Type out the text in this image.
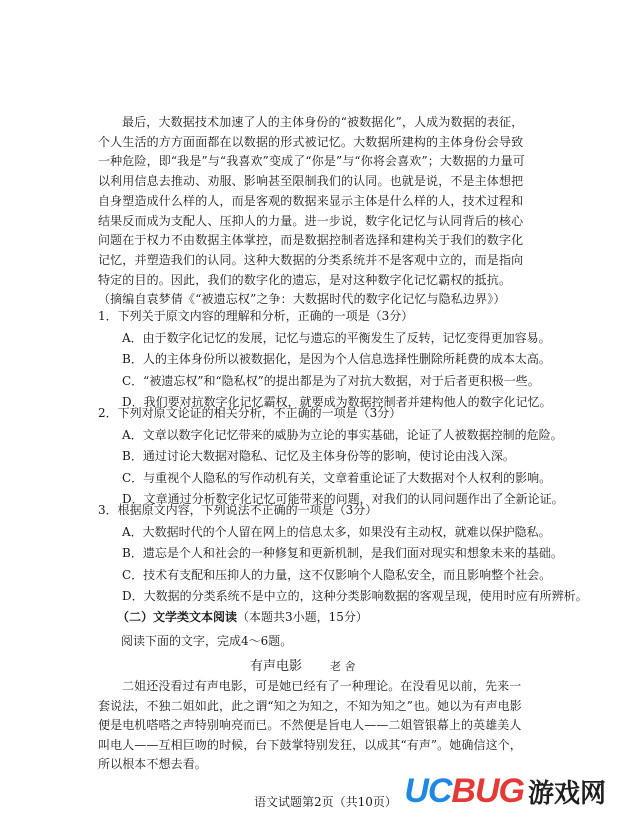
最后，大数据技术加速了人的主体身份的“被数据化”，人成为数据的表征，个人生活的方方面面都在以数据的形式被记忆。大数据所建构的主体身份会导致一种危险，即“我是”与“我喜欢”变成了“你是”与“你将会喜欢”；大数据的力量可以利用信息去推动、劝服、影响甚至限制我们的认同。也就是说，不是主体想把自身塑造成什么样的人，而是客观的数据来显示主体是什么样的人，技术过程和结果反而成为支配人、压抑人的力量。进一步说，数字化记忆与认同背后的核心问题在于权力不由数据主体掌控，而是数据控制者选择和建构关于我们的数字化记忆，并塑造我们的认同。这种大数据的分类系统并不是客观中立的，而是指向特定的目的。因此，我们的数字化的遗忘，是对这种数字化记忆霸权的抵抗。（摘编自袁梦倩《“被遗忘权”之争：大数据时代的数字化记忆与隐私边界》）

1．下列关于原文内容的理解和分析，正确的一项是（3分）

A．由于数字化记忆的发展，记忆与遗忘的平衡发生了反转，记忆变得更加容易。

B．人的主体身份所以被数据化，是因为个人信息选择性删除所耗费的成本太高。

C．“被遗忘权”和“隐私权”的提出都是为了对抗大数据，对于后者更积极一些。

D．我们要对抗数字化记忆霸权，就要成为数据控制者并建构他人的数字化记忆。

2．下列对原文论证的相关分析，不正确的一项是（3分）

A．文章以数字化记忆带来的威胁为立论的事实基础，论证了人被数据控制的危险。

B．通过讨论大数据对隐私、记忆及主体身份等的影响，使讨论由浅入深。

C．与重视个人隐私的写作动机有关，文章着重论证了大数据对个人权利的影响。

D．文章通过分析数字化记忆可能带来的问题，对我们的认同问题作出了全新论证。

3．根据原文内容，下列说法不正确的一项是（3分）

A．大数据时代的个人留在网上的信息太多，如果没有主动权，就难以保护隐私。

B．遗忘是个人和社会的一种修复和更新机制，是我们面对现实和想象未来的基础。

C．技术有支配和压抑人的力量，这不仅影响个人隐私安全，而且影响整个社会。

D．大数据的分类系统不是中立的，这种分类影响数据的客观呈现，使用时应有所辨析。

（二）文学类文本阅读（本题共3小题，15分）
阅读下面的文字，完成4～6题。
有声电影	老 舍

二姐还没看过有声电影，可是她已经有了一种理论。在没看见以前，先来一套说法，不独二姐如此，此之谓“知之为知之，不知为知之”也。她以为有声电影便是电机嗒嗒之声特别响亮而已。不然便是旨电人——二姐管银幕上的英雄美人叫电人——互相巨吻的时候，台下鼓掌特别发狂，以成其“有声”。她确信这个，所以根本不想去看。

语文试题第2页（共10页） UCBUG 游戏网
